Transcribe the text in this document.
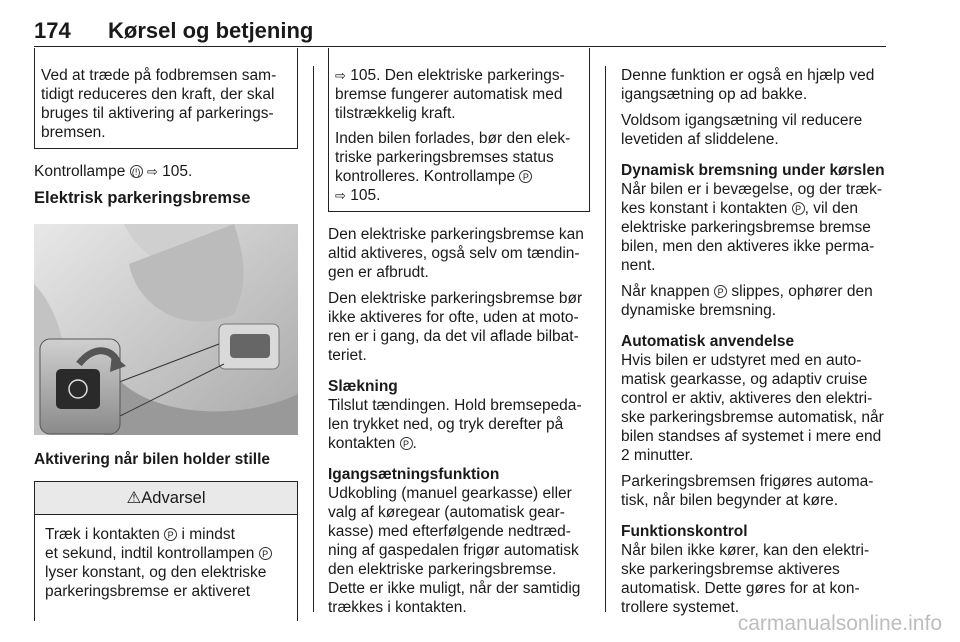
174 Kørsel og betjening

Ved at træde på fodbremsen samtidigt reduceres den kraft, der skal bruges til aktivering af parkeringsbremsen.

Kontrollampe (!) ⇨ 105.

Elektrisk parkeringsbremse
Aktivering når bilen holder stille
⚠ Advarsel

Træk i kontakten P i mindst

et sekund, indtil kontrollampen P

lyser konstant, og den elektriske

parkeringsbremse er aktiveret

⇨ 105. Den elektriske parkeringsbremse fungerer automatisk med tilstrækkelig kraft.

Inden bilen forlades, bør den elektriske parkeringsbremses status kontrolleres. Kontrollampe P
⇨ 105.

Den elektriske parkeringsbremse kan altid aktiveres, også selv om tændingen er afbrudt.

Den elektriske parkeringsbremse bør ikke aktiveres for ofte, uden at motoren er i gang, da det vil aflade bilbatteriet.

Slækning

Tilslut tændingen. Hold bremsepedalen trykket ned, og tryk derefter på kontakten P .

Igangsætningsfunktion

Udkobling (manuel gearkasse) eller valg af køregear (automatisk gearkasse) med efterfølgende nedtrædning af gaspedalen frigør automatisk den elektriske parkeringsbremse. Dette er ikke muligt, når der samtidig trækkes i kontakten.

Denne funktion er også en hjælp ved igangsætning op ad bakke.

Voldsom igangsætning vil reducere levetiden af sliddelene.

Dynamisk bremsning under kørslen

Når bilen er i bevægelse, og der trækkes konstant i kontakten P , vil den elektriske parkeringsbremse bremse bilen, men den aktiveres ikke permanent.

Når knappen P slippes, ophører den dynamiske bremsning.

Automatisk anvendelse

Hvis bilen er udstyret med en automatisk gearkasse, og adaptiv cruise control er aktiv, aktiveres den elektriske parkeringsbremse automatisk, når bilen standses af systemet i mere end 2 minutter.

Parkeringsbremsen frigøres automatisk, når bilen begynder at køre.

Funktionskontrol

Når bilen ikke kører, kan den elektriske parkeringsbremse aktiveres automatisk. Dette gøres for at kontrollere systemet.

carmanualsonline.info
